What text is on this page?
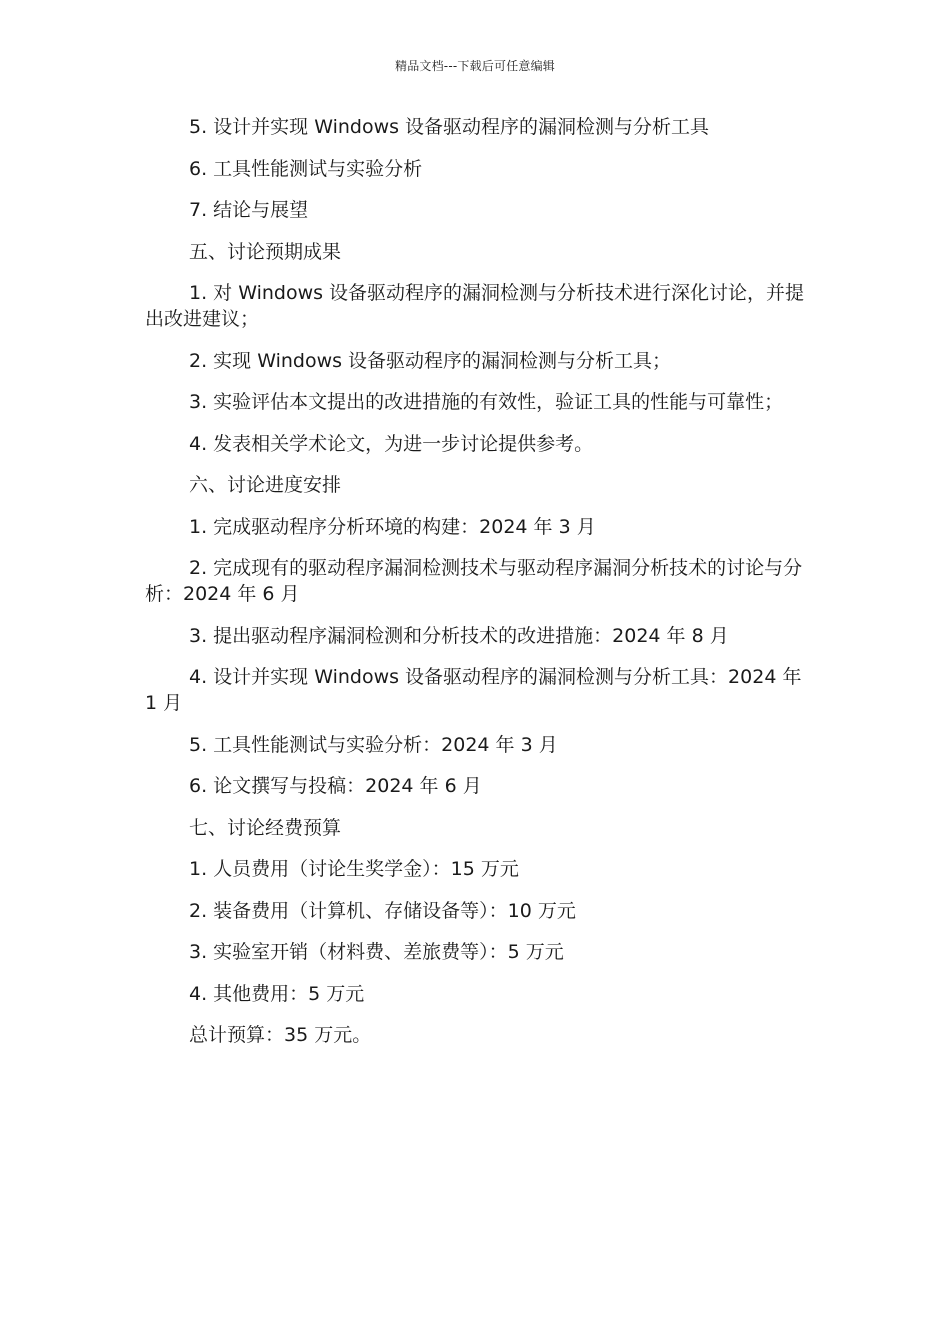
精品文档---下载后可任意编辑
5. 设计并实现 Windows 设备驱动程序的漏洞检测与分析工具
6. 工具性能测试与实验分析
7. 结论与展望
五、讨论预期成果
1. 对 Windows 设备驱动程序的漏洞检测与分析技术进行深化讨论，并提出改进建议；
2. 实现 Windows 设备驱动程序的漏洞检测与分析工具；
3. 实验评估本文提出的改进措施的有效性，验证工具的性能与可靠性；
4. 发表相关学术论文，为进一步讨论提供参考。
六、讨论进度安排
1. 完成驱动程序分析环境的构建：2024 年 3 月
2. 完成现有的驱动程序漏洞检测技术与驱动程序漏洞分析技术的讨论与分析：2024 年 6 月
3. 提出驱动程序漏洞检测和分析技术的改进措施：2024 年 8 月
4. 设计并实现 Windows 设备驱动程序的漏洞检测与分析工具：2024 年 1 月
5. 工具性能测试与实验分析：2024 年 3 月
6. 论文撰写与投稿：2024 年 6 月
七、讨论经费预算
1. 人员费用（讨论生奖学金）：15 万元
2. 装备费用（计算机、存储设备等）：10 万元
3. 实验室开销（材料费、差旅费等）：5 万元
4. 其他费用：5 万元
总计预算：35 万元。
